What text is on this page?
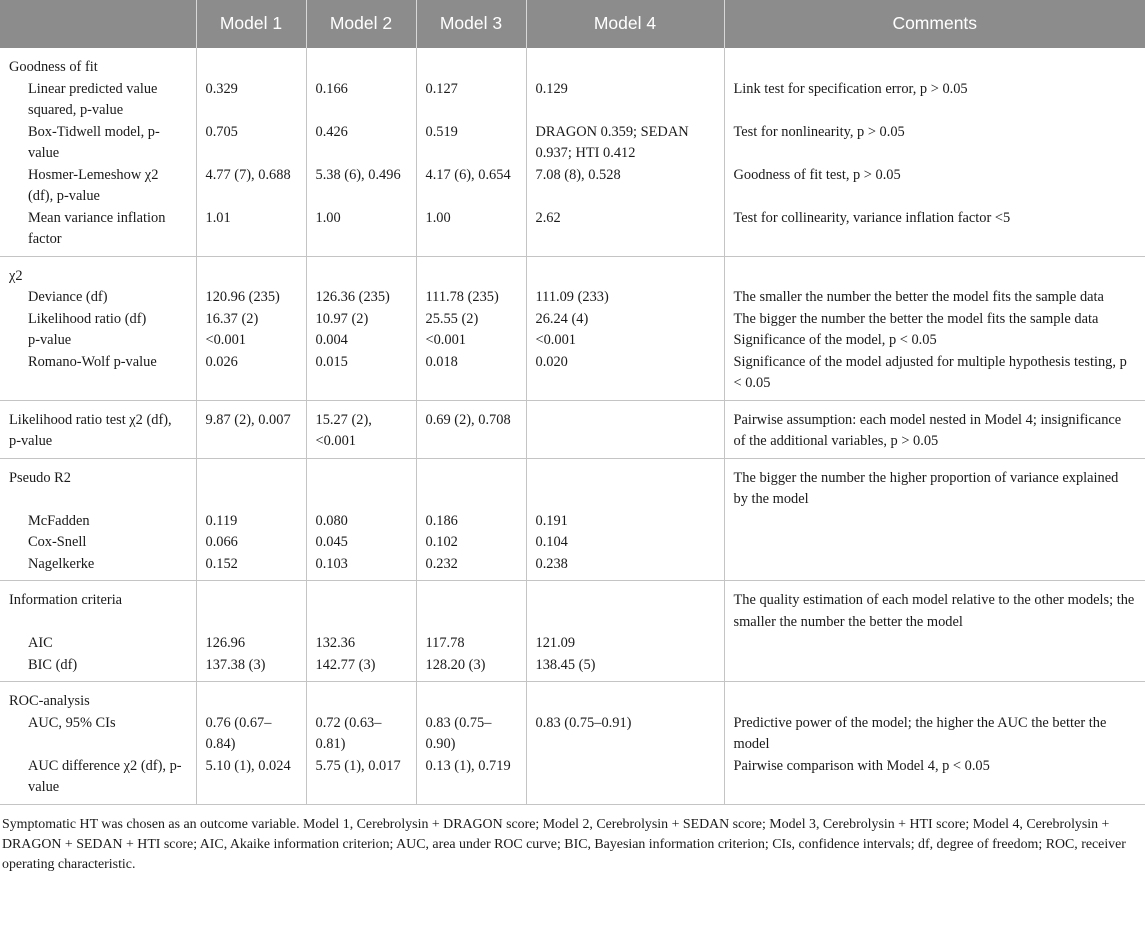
	Model 1	Model 2	Model 3	Model 4	Comments
Goodness of fit					
Linear predicted value squared, p-value	0.329	0.166	0.127	0.129	Link test for specification error, p > 0.05
Box-Tidwell model, p-value	0.705	0.426	0.519	DRAGON 0.359; SEDAN 0.937; HTI 0.412	Test for nonlinearity, p > 0.05
Hosmer-Lemeshow χ2 (df), p-value	4.77 (7), 0.688	5.38 (6), 0.496	4.17 (6), 0.654	7.08 (8), 0.528	Goodness of fit test, p > 0.05
Mean variance inflation factor	1.01	1.00	1.00	2.62	Test for collinearity, variance inflation factor <5
χ2					
Deviance (df)	120.96 (235)	126.36 (235)	111.78 (235)	111.09 (233)	The smaller the number the better the model fits the sample data
Likelihood ratio (df)	16.37 (2)	10.97 (2)	25.55 (2)	26.24 (4)	The bigger the number the better the model fits the sample data
p-value	<0.001	0.004	<0.001	<0.001	Significance of the model, p < 0.05
Romano-Wolf p-value	0.026	0.015	0.018	0.020	Significance of the model adjusted for multiple hypothesis testing, p < 0.05
Likelihood ratio test χ2 (df), p-value	9.87 (2), 0.007	15.27 (2), <0.001	0.69 (2), 0.708		Pairwise assumption: each model nested in Model 4; insignificance of the additional variables, p > 0.05
Pseudo R2					The bigger the number the higher proportion of variance explained by the model
McFadden	0.119	0.080	0.186	0.191	
Cox-Snell	0.066	0.045	0.102	0.104	
Nagelkerke	0.152	0.103	0.232	0.238	
Information criteria					The quality estimation of each model relative to the other models; the smaller the number the better the model
AIC	126.96	132.36	117.78	121.09	
BIC (df)	137.38 (3)	142.77 (3)	128.20 (3)	138.45 (5)	
ROC-analysis					
AUC, 95% CIs	0.76 (0.67–0.84)	0.72 (0.63–0.81)	0.83 (0.75–0.90)	0.83 (0.75–0.91)	Predictive power of the model; the higher the AUC the better the model
AUC difference χ2 (df), p-value	5.10 (1), 0.024	5.75 (1), 0.017	0.13 (1), 0.719		Pairwise comparison with Model 4, p < 0.05

Symptomatic HT was chosen as an outcome variable. Model 1, Cerebrolysin + DRAGON score; Model 2, Cerebrolysin + SEDAN score; Model 3, Cerebrolysin + HTI score; Model 4, Cerebrolysin + DRAGON + SEDAN + HTI score; AIC, Akaike information criterion; AUC, area under ROC curve; BIC, Bayesian information criterion; CIs, confidence intervals; df, degree of freedom; ROC, receiver operating characteristic.
